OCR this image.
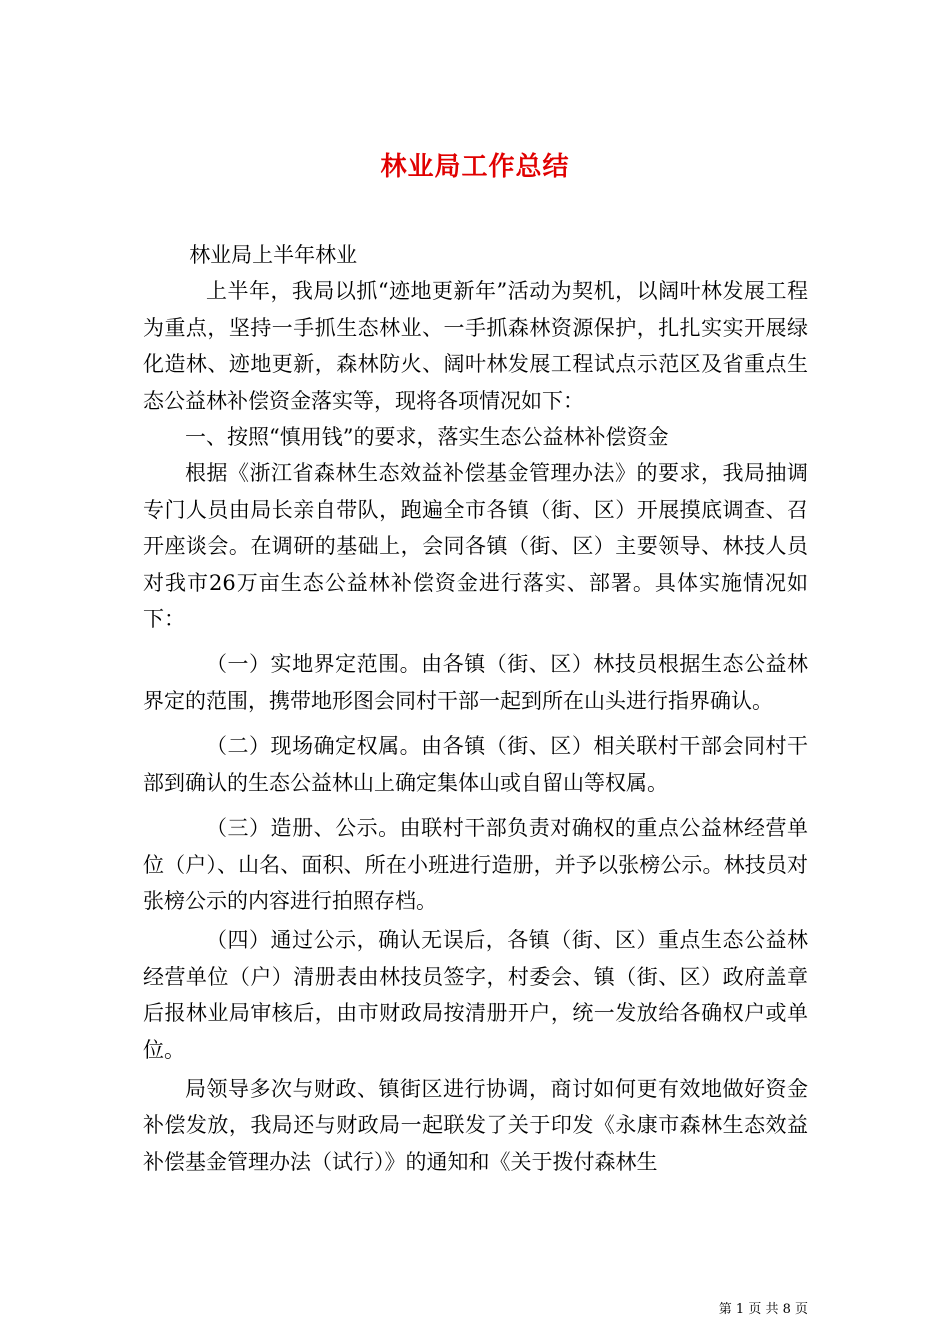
林业局工作总结

林业局上半年林业

上半年，我局以抓“迹地更新年”活动为契机，以阔叶林发展工程为重点，坚持一手抓生态林业、一手抓森林资源保护，扎扎实实开展绿化造林、迹地更新，森林防火、阔叶林发展工程试点示范区及省重点生态公益林补偿资金落实等，现将各项情况如下：

一、按照“慎用钱”的要求，落实生态公益林补偿资金

根据《浙江省森林生态效益补偿基金管理办法》的要求，我局抽调专门人员由局长亲自带队，跑遍全市各镇（街、区）开展摸底调查、召开座谈会。在调研的基础上，会同各镇（街、区）主要领导、林技人员对我市26万亩生态公益林补偿资金进行落实、部署。具体实施情况如下：

（一）实地界定范围。由各镇（街、区）林技员根据生态公益林界定的范围，携带地形图会同村干部一起到所在山头进行指界确认。

（二）现场确定权属。由各镇（街、区）相关联村干部会同村干部到确认的生态公益林山上确定集体山或自留山等权属。

（三）造册、公示。由联村干部负责对确权的重点公益林经营单位（户）、山名、面积、所在小班进行造册，并予以张榜公示。林技员对张榜公示的内容进行拍照存档。

（四）通过公示，确认无误后，各镇（街、区）重点生态公益林经营单位（户）清册表由林技员签字，村委会、镇（街、区）政府盖章后报林业局审核后，由市财政局按清册开户，统一发放给各确权户或单位。

局领导多次与财政、镇街区进行协调，商讨如何更有效地做好资金补偿发放，我局还与财政局一起联发了关于印发《永康市森林生态效益补偿基金管理办法（试行）》的通知和《关于拨付森林生

第 1 页 共 8 页
